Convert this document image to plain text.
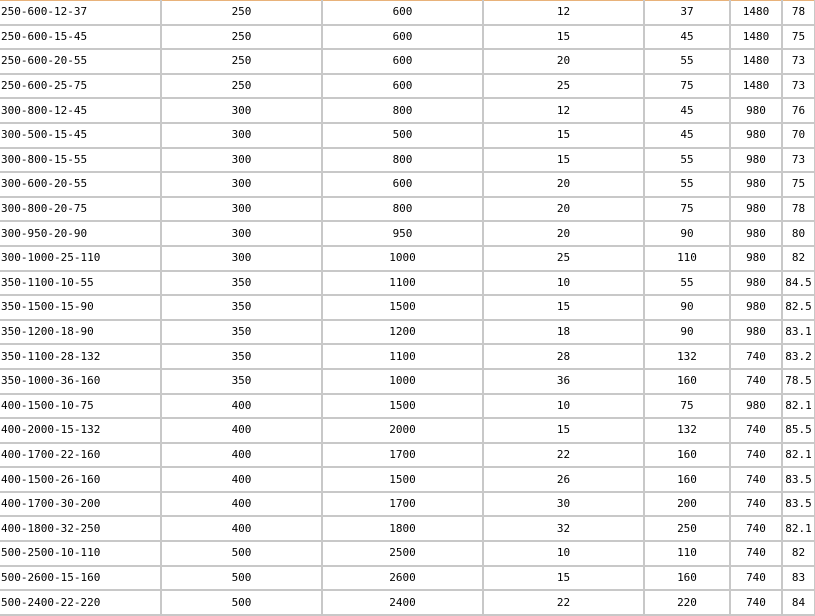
250-600-12-37	250	600	12	37	1480	78
250-600-15-45	250	600	15	45	1480	75
250-600-20-55	250	600	20	55	1480	73
250-600-25-75	250	600	25	75	1480	73
300-800-12-45	300	800	12	45	980	76
300-500-15-45	300	500	15	45	980	70
300-800-15-55	300	800	15	55	980	73
300-600-20-55	300	600	20	55	980	75
300-800-20-75	300	800	20	75	980	78
300-950-20-90	300	950	20	90	980	80
300-1000-25-110	300	1000	25	110	980	82
350-1100-10-55	350	1100	10	55	980	84.5
350-1500-15-90	350	1500	15	90	980	82.5
350-1200-18-90	350	1200	18	90	980	83.1
350-1100-28-132	350	1100	28	132	740	83.2
350-1000-36-160	350	1000	36	160	740	78.5
400-1500-10-75	400	1500	10	75	980	82.1
400-2000-15-132	400	2000	15	132	740	85.5
400-1700-22-160	400	1700	22	160	740	82.1
400-1500-26-160	400	1500	26	160	740	83.5
400-1700-30-200	400	1700	30	200	740	83.5
400-1800-32-250	400	1800	32	250	740	82.1
500-2500-10-110	500	2500	10	110	740	82
500-2600-15-160	500	2600	15	160	740	83
500-2400-22-220	500	2400	22	220	740	84
